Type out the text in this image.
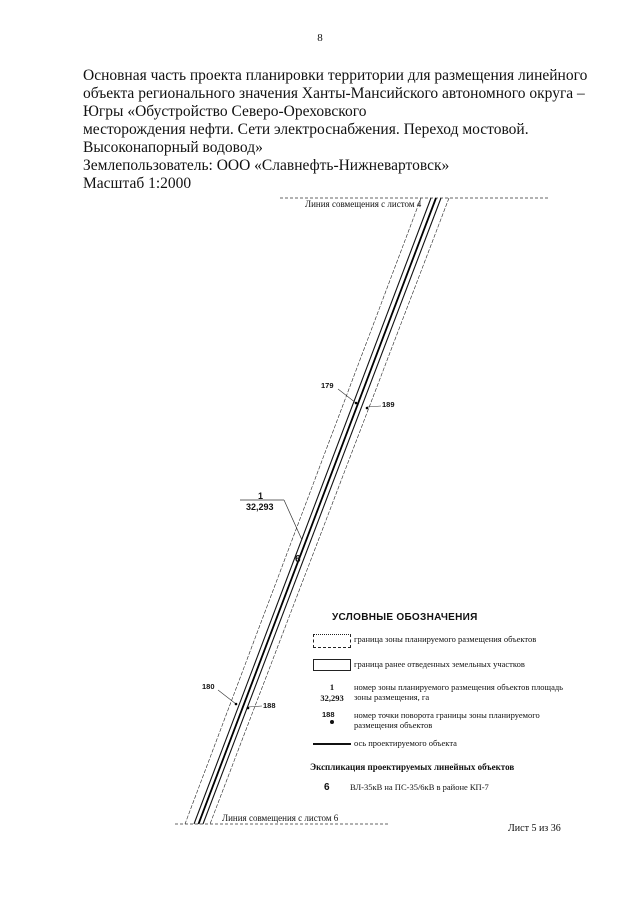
8
Основная часть проекта планировки территории для размещения линейного
объекта регионального значения Ханты-Мансийского автономного округа –
Югры «Обустройство Северо-Ореховского
месторождения нефти. Сети электроснабжения. Переход мостовой.
Высоконапорный водовод»
Землепользователь: ООО «Славнефть-Нижневартовск»
Масштаб 1:2000
Линия совмещения с листом 4
Линия совмещения с листом 6
179
189
180
188
1
32,293
6
УСЛОВНЫЕ ОБОЗНАЧЕНИЯ
граница зоны планируемого размещения объектов
граница ранее отведенных земельных участков
1
32,293
номер зоны планируемого размещения объектов площадь зоны размещения, га
188 номер точки поворота границы зоны планируемого размещения объектов
ось проектируемого объекта
Экспликация проектируемых линейных объектов
6 ВЛ-35кВ на ПС-35/6кВ в районе КП-7
Лист 5 из 36
